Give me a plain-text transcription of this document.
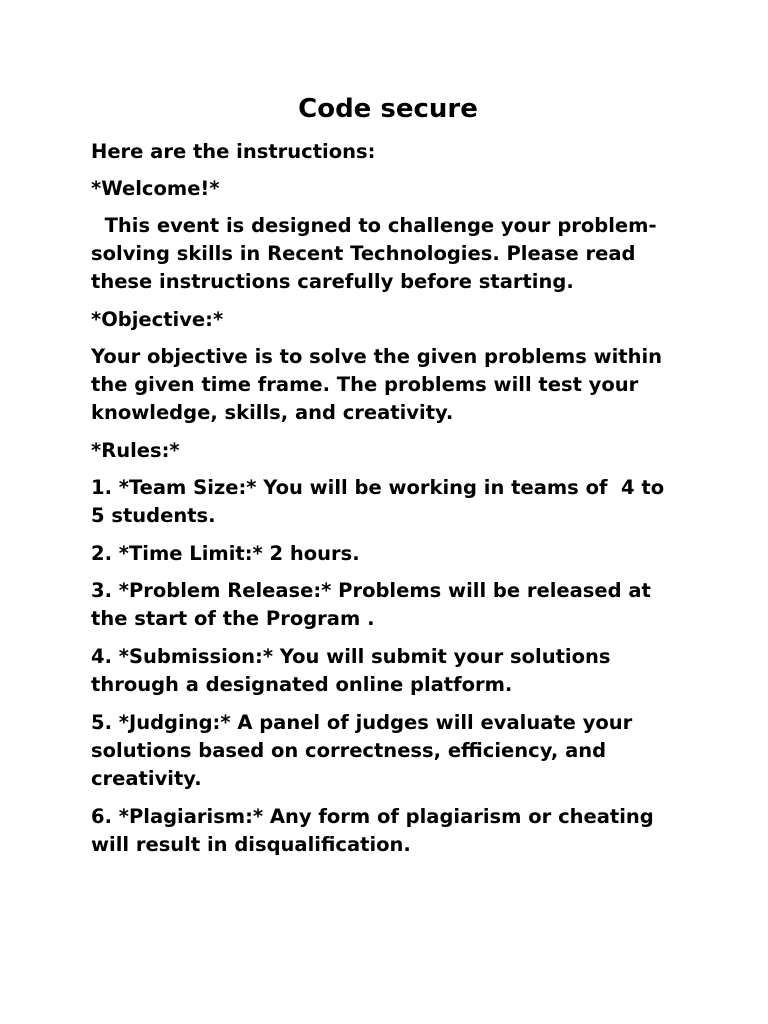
Code secure

Here are the instructions:

*Welcome!*

This event is designed to challenge your problem-solving skills in Recent Technologies. Please read these instructions carefully before starting.

*Objective:*

Your objective is to solve the given problems within the given time frame. The problems will test your knowledge, skills, and creativity.

*Rules:*

1. *Team Size:* You will be working in teams of  4 to 5 students.

2. *Time Limit:* 2 hours.

3. *Problem Release:* Problems will be released at the start of the Program .

4. *Submission:* You will submit your solutions through a designated online platform.

5. *Judging:* A panel of judges will evaluate your solutions based on correctness, efficiency, and creativity.

6. *Plagiarism:* Any form of plagiarism or cheating will result in disqualification.
